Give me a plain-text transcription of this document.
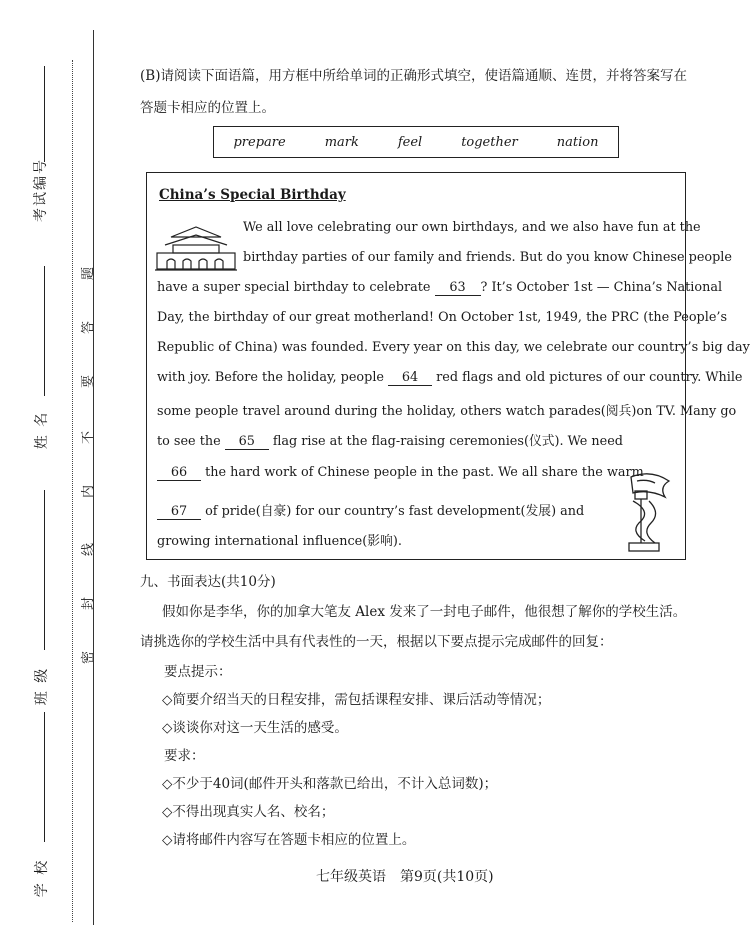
考试编号
姓 名
班 级
学 校
题
答
要
不
内
线
封
密
(B)请阅读下面语篇，用方框中所给单词的正确形式填空，使语篇通顺、连贯，并将答案写在
答题卡相应的位置上。
prepare	mark	feel	together	nation
China’s Special Birthday
We all love celebrating our own birthdays, and we also have fun at the
birthday parties of our family and friends. But do you know Chinese people
have a super special birthday to celebrate 63 ? It’s October 1st — China’s National
Day, the birthday of our great motherland! On October 1st, 1949, the PRC (the People’s
Republic of China) was founded. Every year on this day, we celebrate our country’s big day
with joy. Before the holiday, people 64 red flags and old pictures of our country. While
some people travel around during the holiday, others watch parades(阅兵)on TV. Many go
to see the 65 flag rise at the flag-raising ceremonies(仪式). We need
66 the hard work of Chinese people in the past. We all share the warm
67 of pride(自豪) for our country’s fast development(发展) and
growing international influence(影响).
九、书面表达(共10分)
假如你是李华，你的加拿大笔友 Alex 发来了一封电子邮件，他很想了解你的学校生活。
请挑选你的学校生活中具有代表性的一天，根据以下要点提示完成邮件的回复：
要点提示：
◇简要介绍当天的日程安排，需包括课程安排、课后活动等情况；
◇谈谈你对这一天生活的感受。
要求：
◇不少于40词(邮件开头和落款已给出，不计入总词数)；
◇不得出现真实人名、校名；
◇请将邮件内容写在答题卡相应的位置上。
七年级英语　第9页(共10页)
